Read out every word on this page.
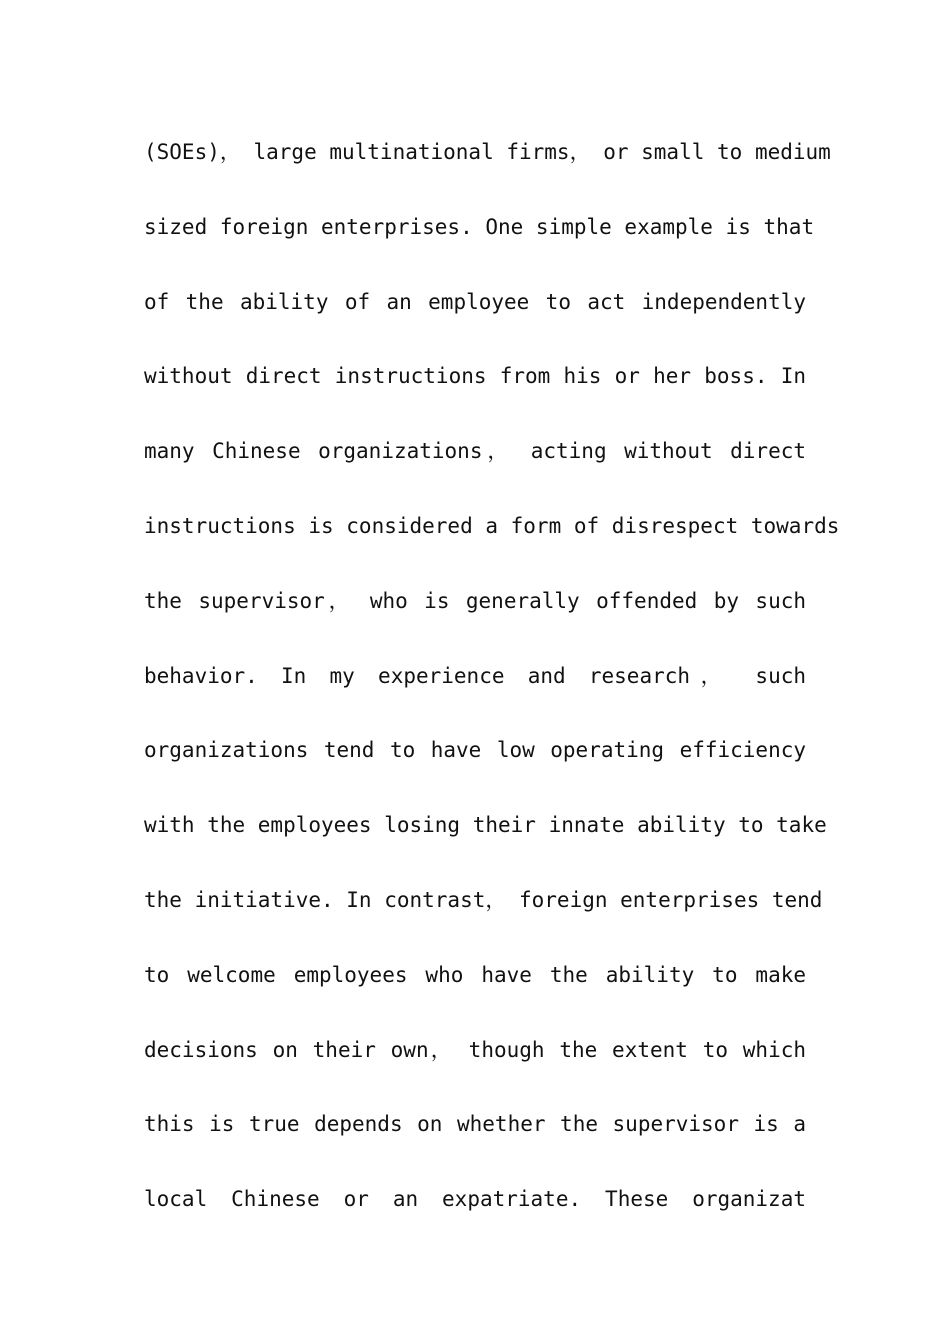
(SOEs)， large multinational firms， or small to medium
sized foreign enterprises. One simple example is that
of the ability of an employee to act independently
without direct instructions from his or her boss. In
many Chinese organizations， acting without direct
instructions is considered a form of disrespect towards
the supervisor， who is generally offended by such
behavior. In my experience and research， such
organizations tend to have low operating efficiency
with the employees losing their innate ability to take
the initiative. In contrast， foreign enterprises tend
to welcome employees who have the ability to make
decisions on their own， though the extent to which
this is true depends on whether the supervisor is a
local Chinese or an expatriate. These organizat
